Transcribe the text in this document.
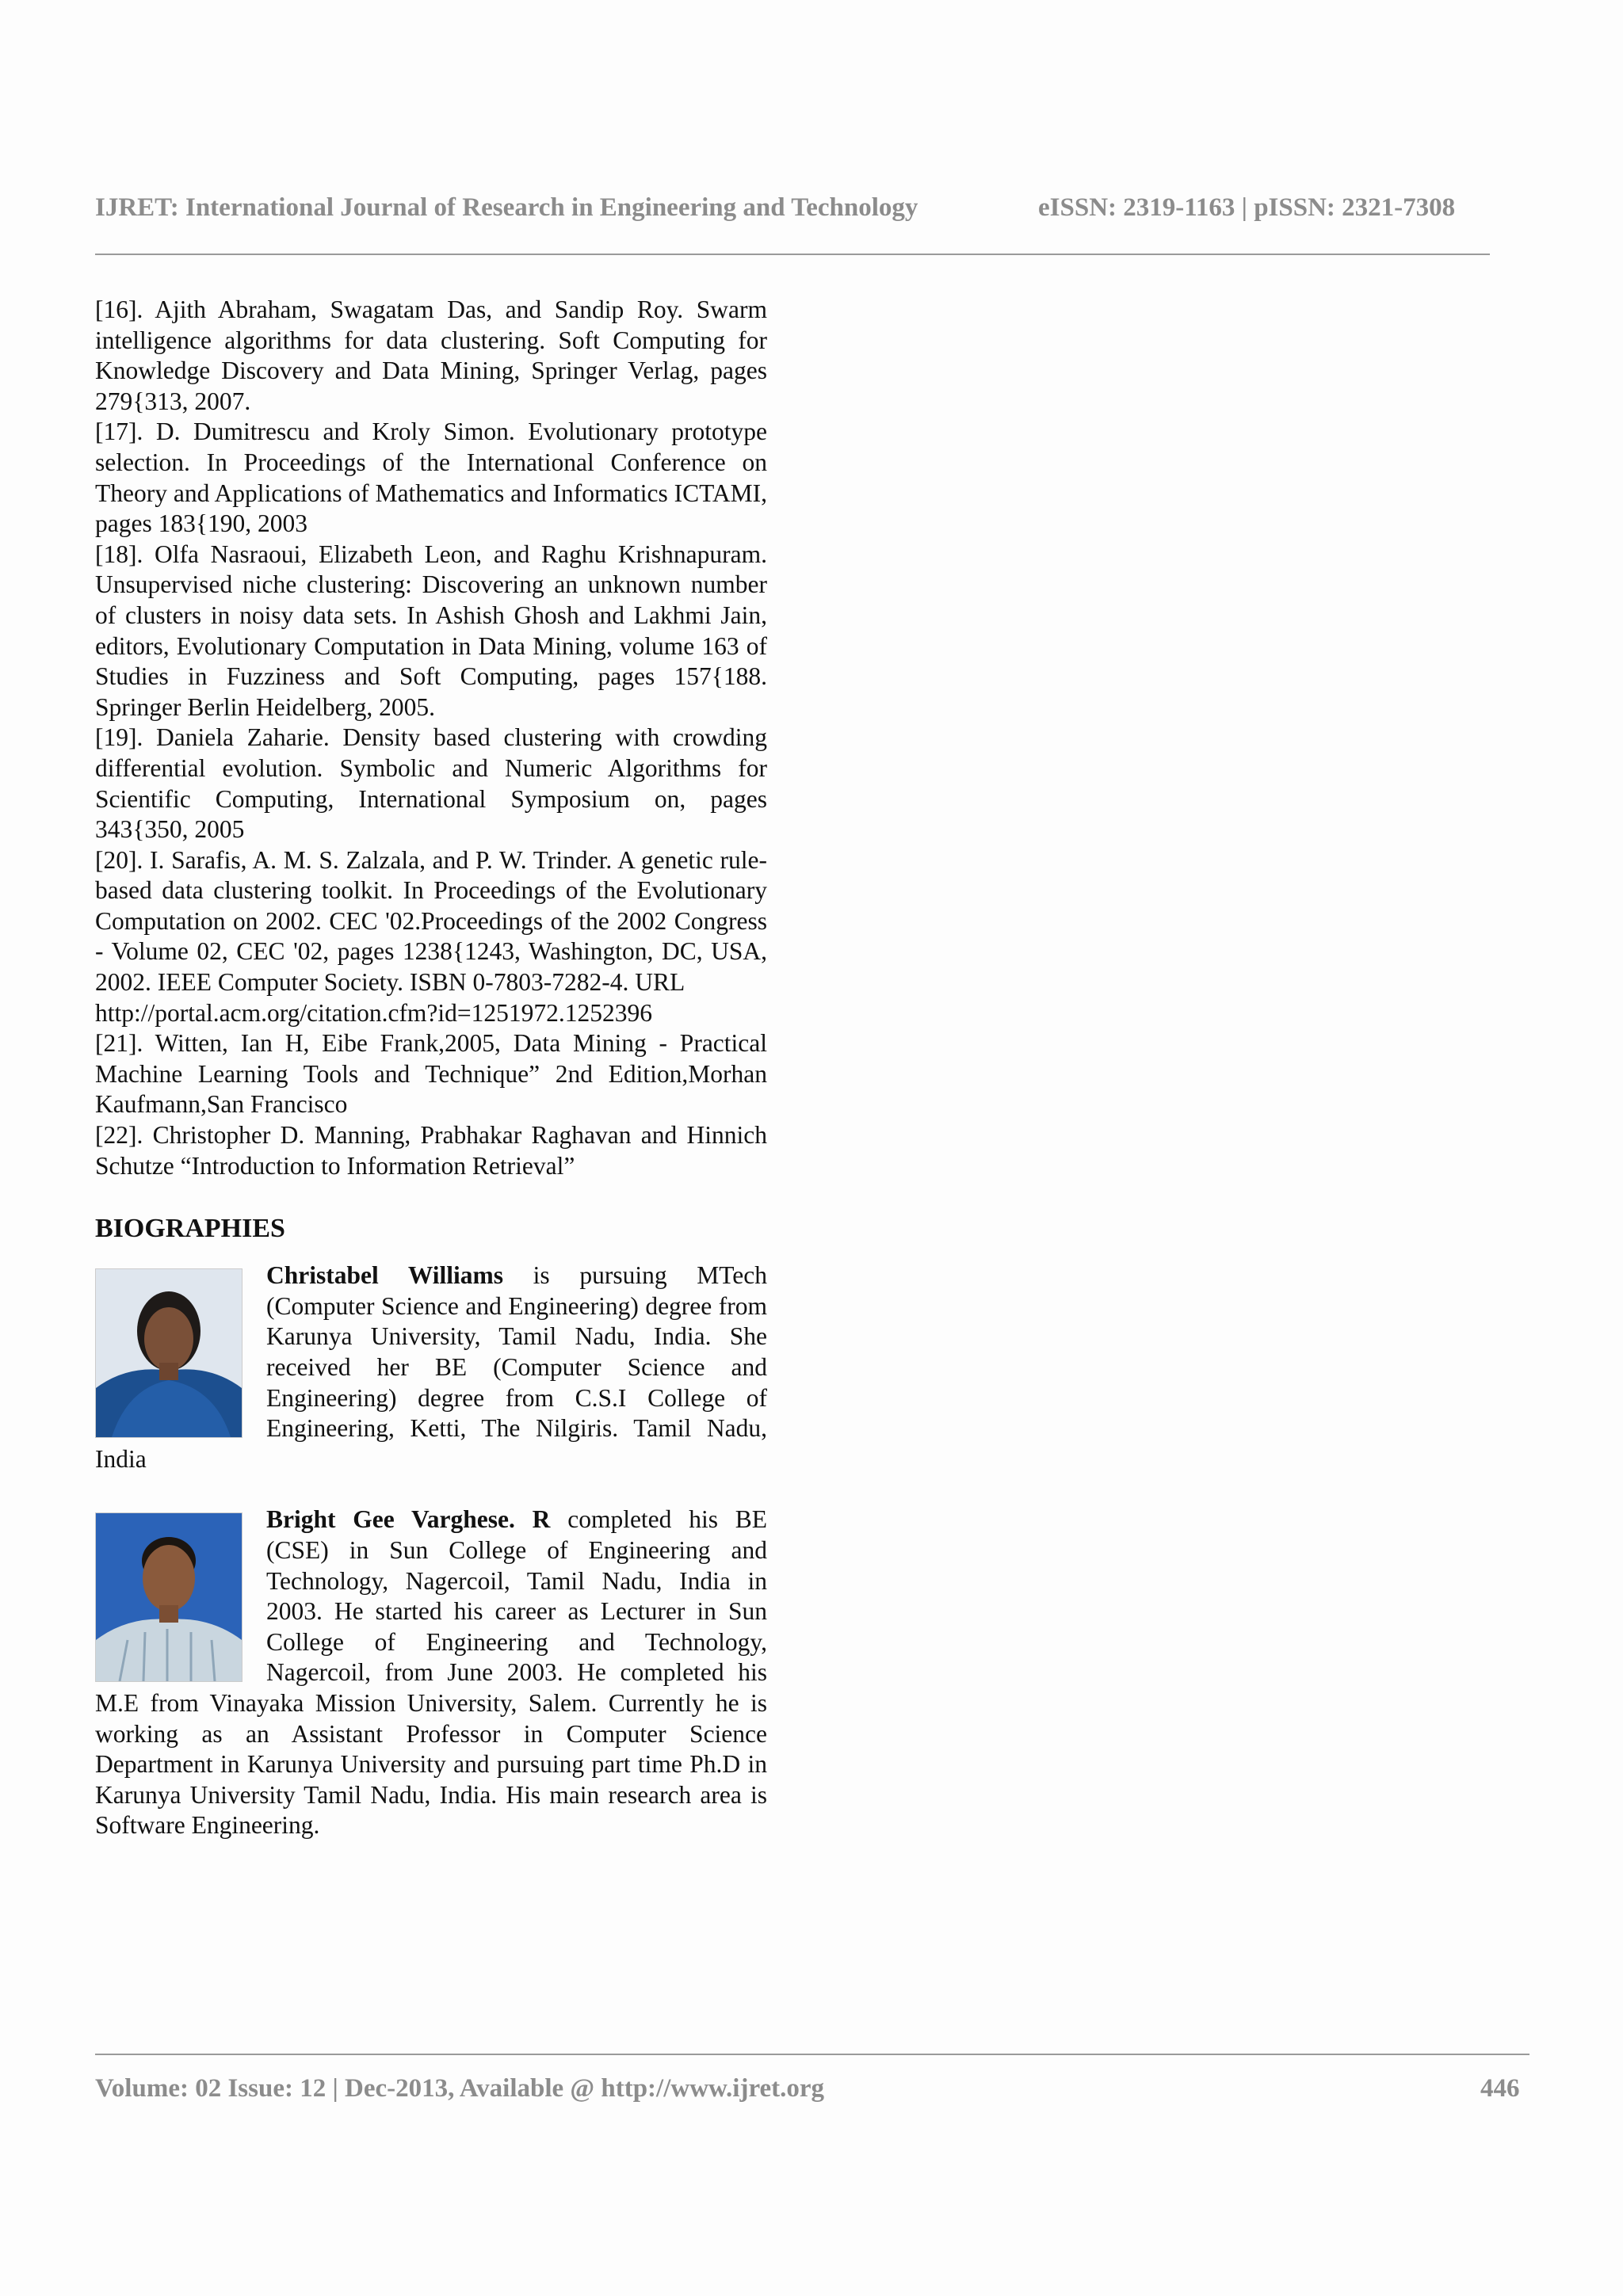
IJRET: International Journal of Research in Engineering and Technology	eISSN: 2319-1163 | pISSN: 2321-7308

[16]. Ajith Abraham, Swagatam Das, and Sandip Roy. Swarm intelligence algorithms for data clustering. Soft Computing for Knowledge Discovery and Data Mining, Springer Verlag, pages 279{313, 2007.

[17]. D. Dumitrescu and Kroly Simon. Evolutionary prototype selection. In Proceedings of the International Conference on Theory and Applications of Mathematics and Informatics ICTAMI, pages 183{190, 2003

[18]. Olfa Nasraoui, Elizabeth Leon, and Raghu Krishnapuram. Unsupervised niche clustering: Discovering an unknown number of clusters in noisy data sets. In Ashish Ghosh and Lakhmi Jain, editors, Evolutionary Computation in Data Mining, volume 163 of Studies in Fuzziness and Soft Computing, pages 157{188. Springer Berlin Heidelberg, 2005.

[19]. Daniela Zaharie. Density based clustering with crowding differential evolution. Symbolic and Numeric Algorithms for Scientific Computing, International Symposium on, pages 343{350, 2005

[20]. I. Sarafis, A. M. S. Zalzala, and P. W. Trinder. A genetic rule-based data clustering toolkit. In Proceedings of the Evolutionary Computation on 2002. CEC '02.Proceedings of the 2002 Congress - Volume 02, CEC '02, pages 1238{1243, Washington, DC, USA, 2002. IEEE Computer Society. ISBN 0-7803-7282-4. URL
http://portal.acm.org/citation.cfm?id=1251972.1252396

[21]. Witten, Ian H, Eibe Frank,2005, Data Mining - Practical Machine Learning Tools and Technique” 2nd Edition,Morhan Kaufmann,San Francisco

[22]. Christopher D. Manning, Prabhakar Raghavan and Hinnich Schutze “Introduction to Information Retrieval”

BIOGRAPHIES
Christabel Williams is pursuing MTech (Computer Science and Engineering) degree from Karunya University, Tamil Nadu, India. She received her BE (Computer Science and Engineering) degree from C.S.I College of Engineering, Ketti, The Nilgiris. Tamil Nadu, India
Bright Gee Varghese. R completed his BE (CSE) in Sun College of Engineering and Technology, Nagercoil, Tamil Nadu, India in 2003. He started his career as Lecturer in Sun College of Engineering and Technology, Nagercoil, from June 2003. He completed his M.E from Vinayaka Mission University, Salem. Currently he is working as an Assistant Professor in Computer Science Department in Karunya University and pursuing part time Ph.D in Karunya University Tamil Nadu, India. His main research area is Software Engineering.
Volume: 02 Issue: 12 | Dec-2013, Available @ http://www.ijret.org	446
